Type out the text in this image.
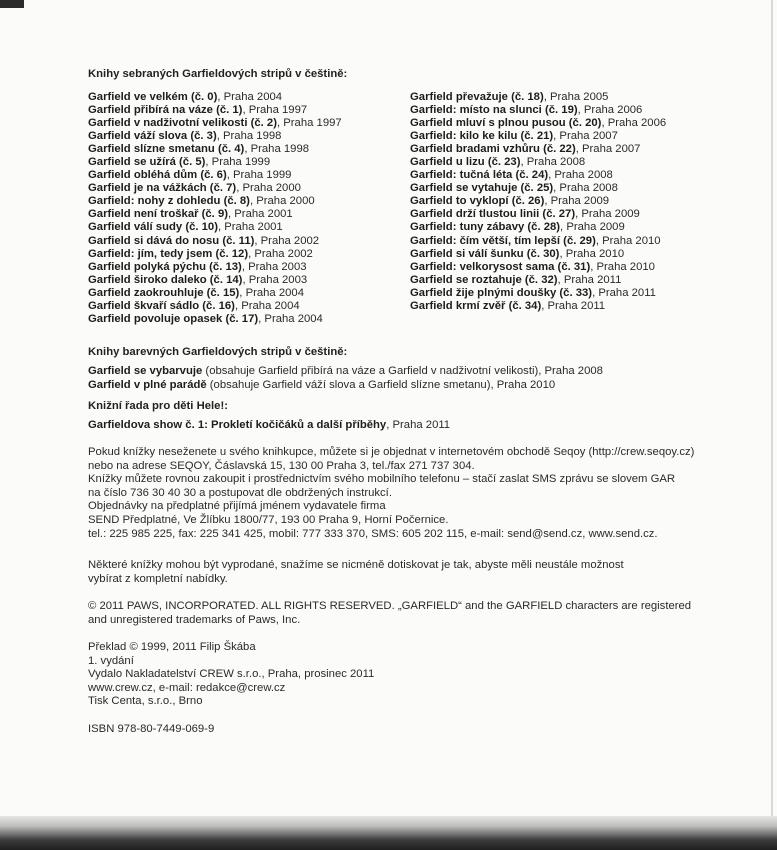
Knihy sebraných Garfieldových stripů v češtině:

Garfield ve velkém (č. 0), Praha 2004

Garfield přibírá na váze (č. 1), Praha 1997

Garfield v nadživotní velikosti (č. 2), Praha 1997

Garfield váží slova (č. 3), Praha 1998

Garfield slízne smetanu (č. 4), Praha 1998

Garfield se užírá (č. 5), Praha 1999

Garfield obléhá dům (č. 6), Praha 1999

Garfield je na vážkách (č. 7), Praha 2000

Garfield: nohy z dohledu (č. 8), Praha 2000

Garfield není troškař (č. 9), Praha 2001

Garfield válí sudy (č. 10), Praha 2001

Garfield si dává do nosu (č. 11), Praha 2002

Garfield: jím, tedy jsem (č. 12), Praha 2002

Garfield polyká pýchu (č. 13), Praha 2003

Garfield široko daleko (č. 14), Praha 2003

Garfield zaokrouhluje (č. 15), Praha 2004

Garfield škvaří sádlo (č. 16), Praha 2004

Garfield povoluje opasek (č. 17), Praha 2004

Garfield převažuje (č. 18), Praha 2005

Garfield: místo na slunci (č. 19), Praha 2006

Garfield mluví s plnou pusou (č. 20), Praha 2006

Garfield: kilo ke kilu (č. 21), Praha 2007

Garfield bradami vzhůru (č. 22), Praha 2007

Garfield u lizu (č. 23), Praha 2008

Garfield: tučná léta (č. 24), Praha 2008

Garfield se vytahuje (č. 25), Praha 2008

Garfield to vyklopí (č. 26), Praha 2009

Garfield drží tlustou linii (č. 27), Praha 2009

Garfield: tuny zábavy (č. 28), Praha 2009

Garfield: čím větší, tím lepší (č. 29), Praha 2010

Garfield si válí šunku (č. 30), Praha 2010

Garfield: velkorysost sama (č. 31), Praha 2010

Garfield se roztahuje (č. 32), Praha 2011

Garfield žije plnými doušky (č. 33), Praha 2011

Garfield krmí zvěř (č. 34), Praha 2011

Knihy barevných Garfieldových stripů v češtině:

Garfield se vybarvuje (obsahuje Garfield přibírá na váze a Garfield v nadživotní velikosti), Praha 2008

Garfield v plné parádě (obsahuje Garfield váží slova a Garfield slízne smetanu), Praha 2010

Knižní řada pro děti Hele!:

Garfieldova show č. 1: Prokletí kočičáků a další příběhy, Praha 2011

Pokud knížky neseženete u svého knihkupce, můžete si je objednat v internetovém obchodě Seqoy (http://crew.seqoy.cz)

nebo na adrese SEQOY, Čáslavská 15, 130 00 Praha 3, tel./fax 271 737 304.

Knížky můžete rovnou zakoupit i prostřednictvím svého mobilního telefonu – stačí zaslat SMS zprávu se slovem GAR

na číslo 736 30 40 30 a postupovat dle obdržených instrukcí.

Objednávky na předplatné přijímá jménem vydavatele firma

SEND Předplatné, Ve Žlíbku 1800/77, 193 00 Praha 9, Horní Počernice.

tel.: 225 985 225, fax: 225 341 425, mobil: 777 333 370, SMS: 605 202 115, e-mail: send@send.cz, www.send.cz.

Některé knížky mohou být vyprodané, snažíme se nicméně dotiskovat je tak, abyste měli neustále možnost

vybírat z kompletní nabídky.

© 2011 PAWS, INCORPORATED. ALL RIGHTS RESERVED. „GARFIELD“ and the GARFIELD characters are registered

and unregistered trademarks of Paws, Inc.

Překlad © 1999, 2011 Filip Škába

1. vydání

Vydalo Nakladatelství CREW s.r.o., Praha, prosinec 2011

www.crew.cz, e-mail: redakce@crew.cz

Tisk Centa, s.r.o., Brno

ISBN 978-80-7449-069-9
